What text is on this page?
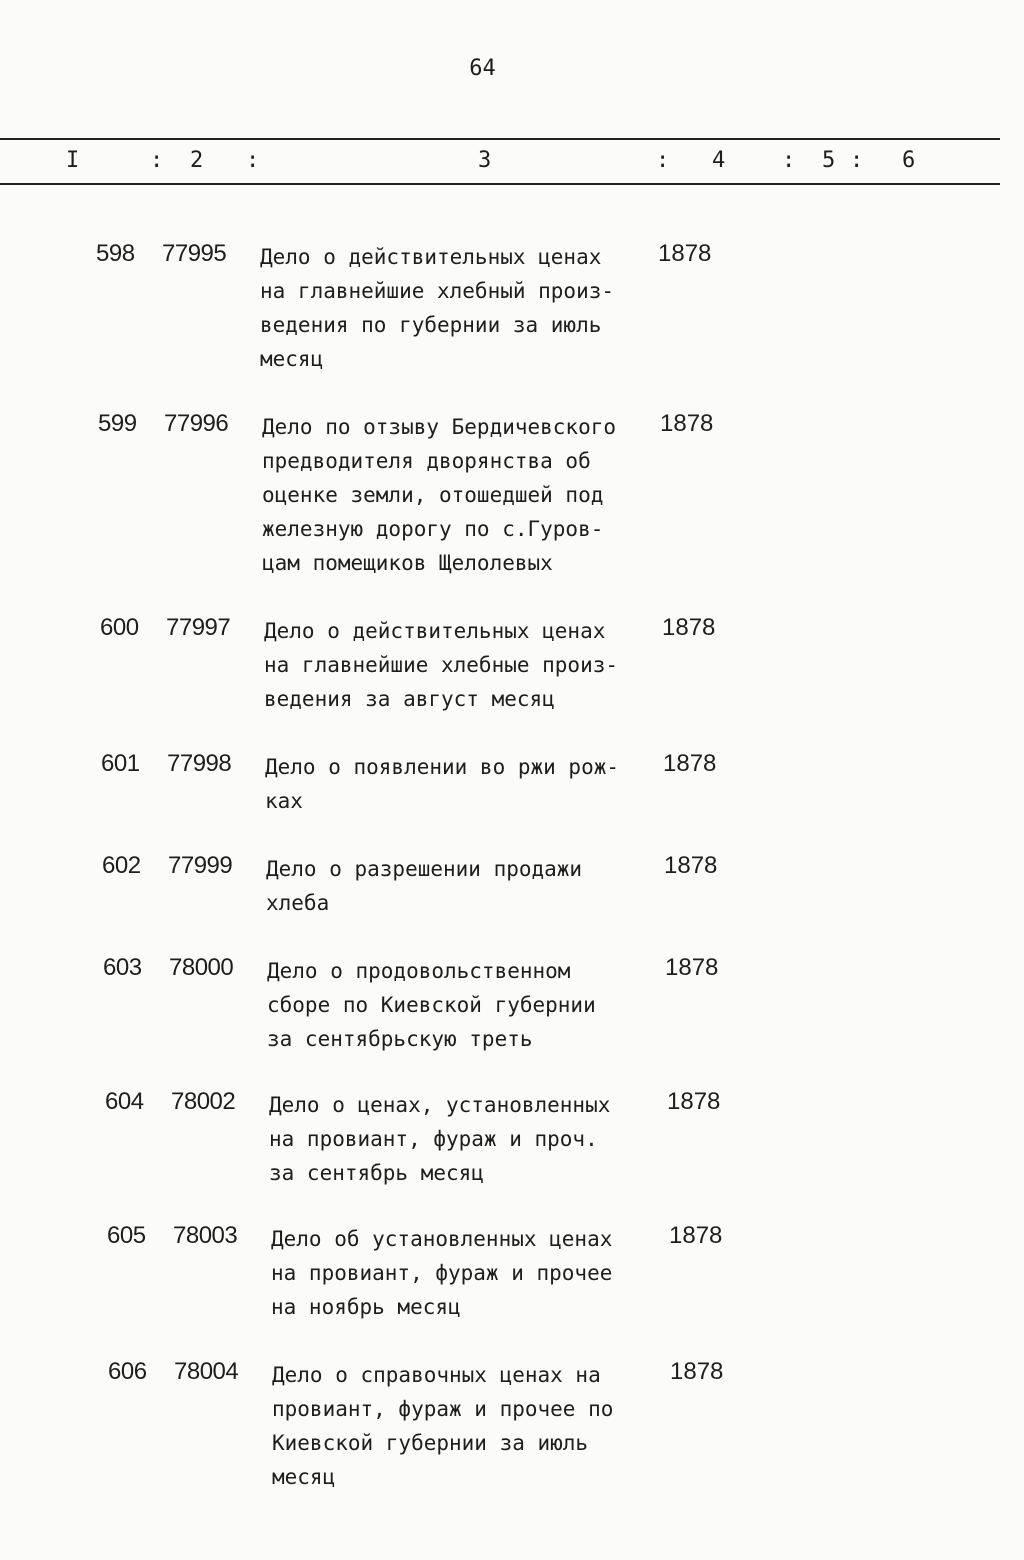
64
I	: 2 :	3	: 4	: 5 : 6
598 77995 Дело о действительных ценах
на главнейшие хлебный произ-
ведения по губернии за июль
месяц
1878
599 77996 Дело по отзыву Бердичевского
предводителя дворянства об
оценке земли, отошедшей под
железную дорогу по с.Гуров-
цам помещиков Щелолевых
1878
600 77997 Дело о действительных ценах
на главнейшие хлебные произ-
ведения за август месяц
1878
601 77998 Дело о появлении во ржи рож-
ках
1878
602 77999 Дело о разрешении продажи
хлеба
1878
603 78000 Дело о продовольственном
сборе по Киевской губернии
за сентябрьскую треть
1878
604 78002 Дело о ценах, установленных
на провиант, фураж и проч.
за сентябрь месяц
1878
605 78003 Дело об установленных ценах
на провиант, фураж и прочее
на ноябрь месяц
1878
606 78004 Дело о справочных ценах на
провиант, фураж и прочее по
Киевской губернии за июль
месяц
1878
